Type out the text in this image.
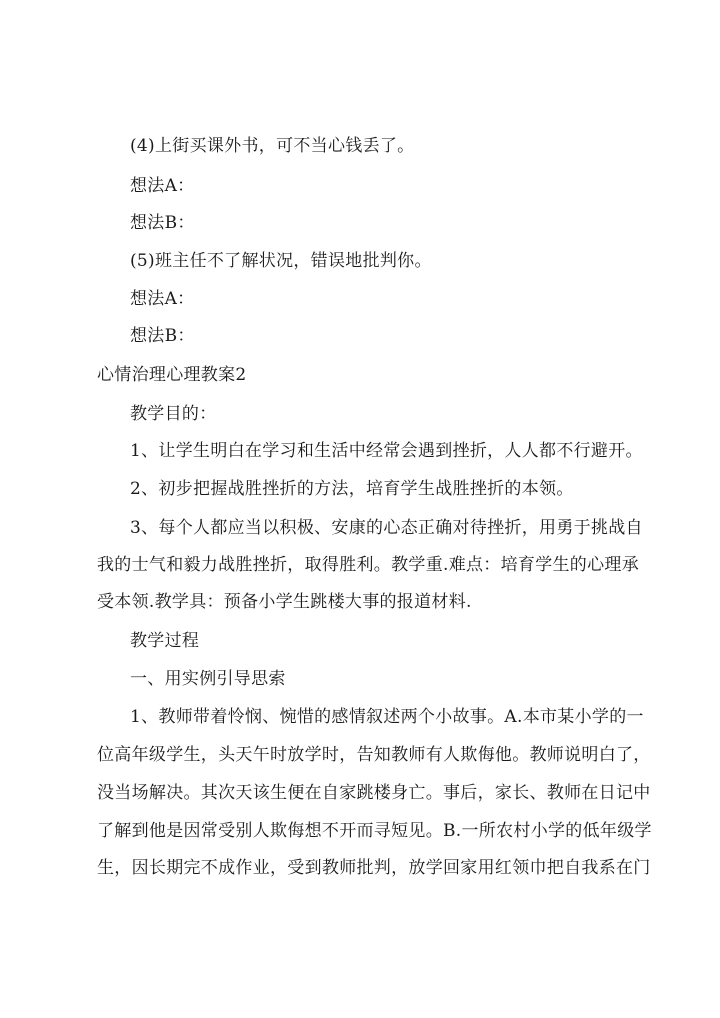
(4)上街买课外书，可不当心钱丢了。
想法A：
想法B：
(5)班主任不了解状况，错误地批判你。
想法A：
想法B：
心情治理心理教案2
教学目的：
1、让学生明白在学习和生活中经常会遇到挫折，人人都不行避开。
2、初步把握战胜挫折的方法，培育学生战胜挫折的本领。
3、每个人都应当以积极、安康的心态正确对待挫折，用勇于挑战自
我的士气和毅力战胜挫折，取得胜利。教学重.难点：培育学生的心理承
受本领.教学具：预备小学生跳楼大事的报道材料.
教学过程
一、用实例引导思索
1、教师带着怜悯、惋惜的感情叙述两个小故事。A.本市某小学的一
位高年级学生，头天午时放学时，告知教师有人欺侮他。教师说明白了，
没当场解决。其次天该生便在自家跳楼身亡。事后，家长、教师在日记中
了解到他是因常受别人欺侮想不开而寻短见。B.一所农村小学的低年级学
生，因长期完不成作业，受到教师批判，放学回家用红领巾把自我系在门
